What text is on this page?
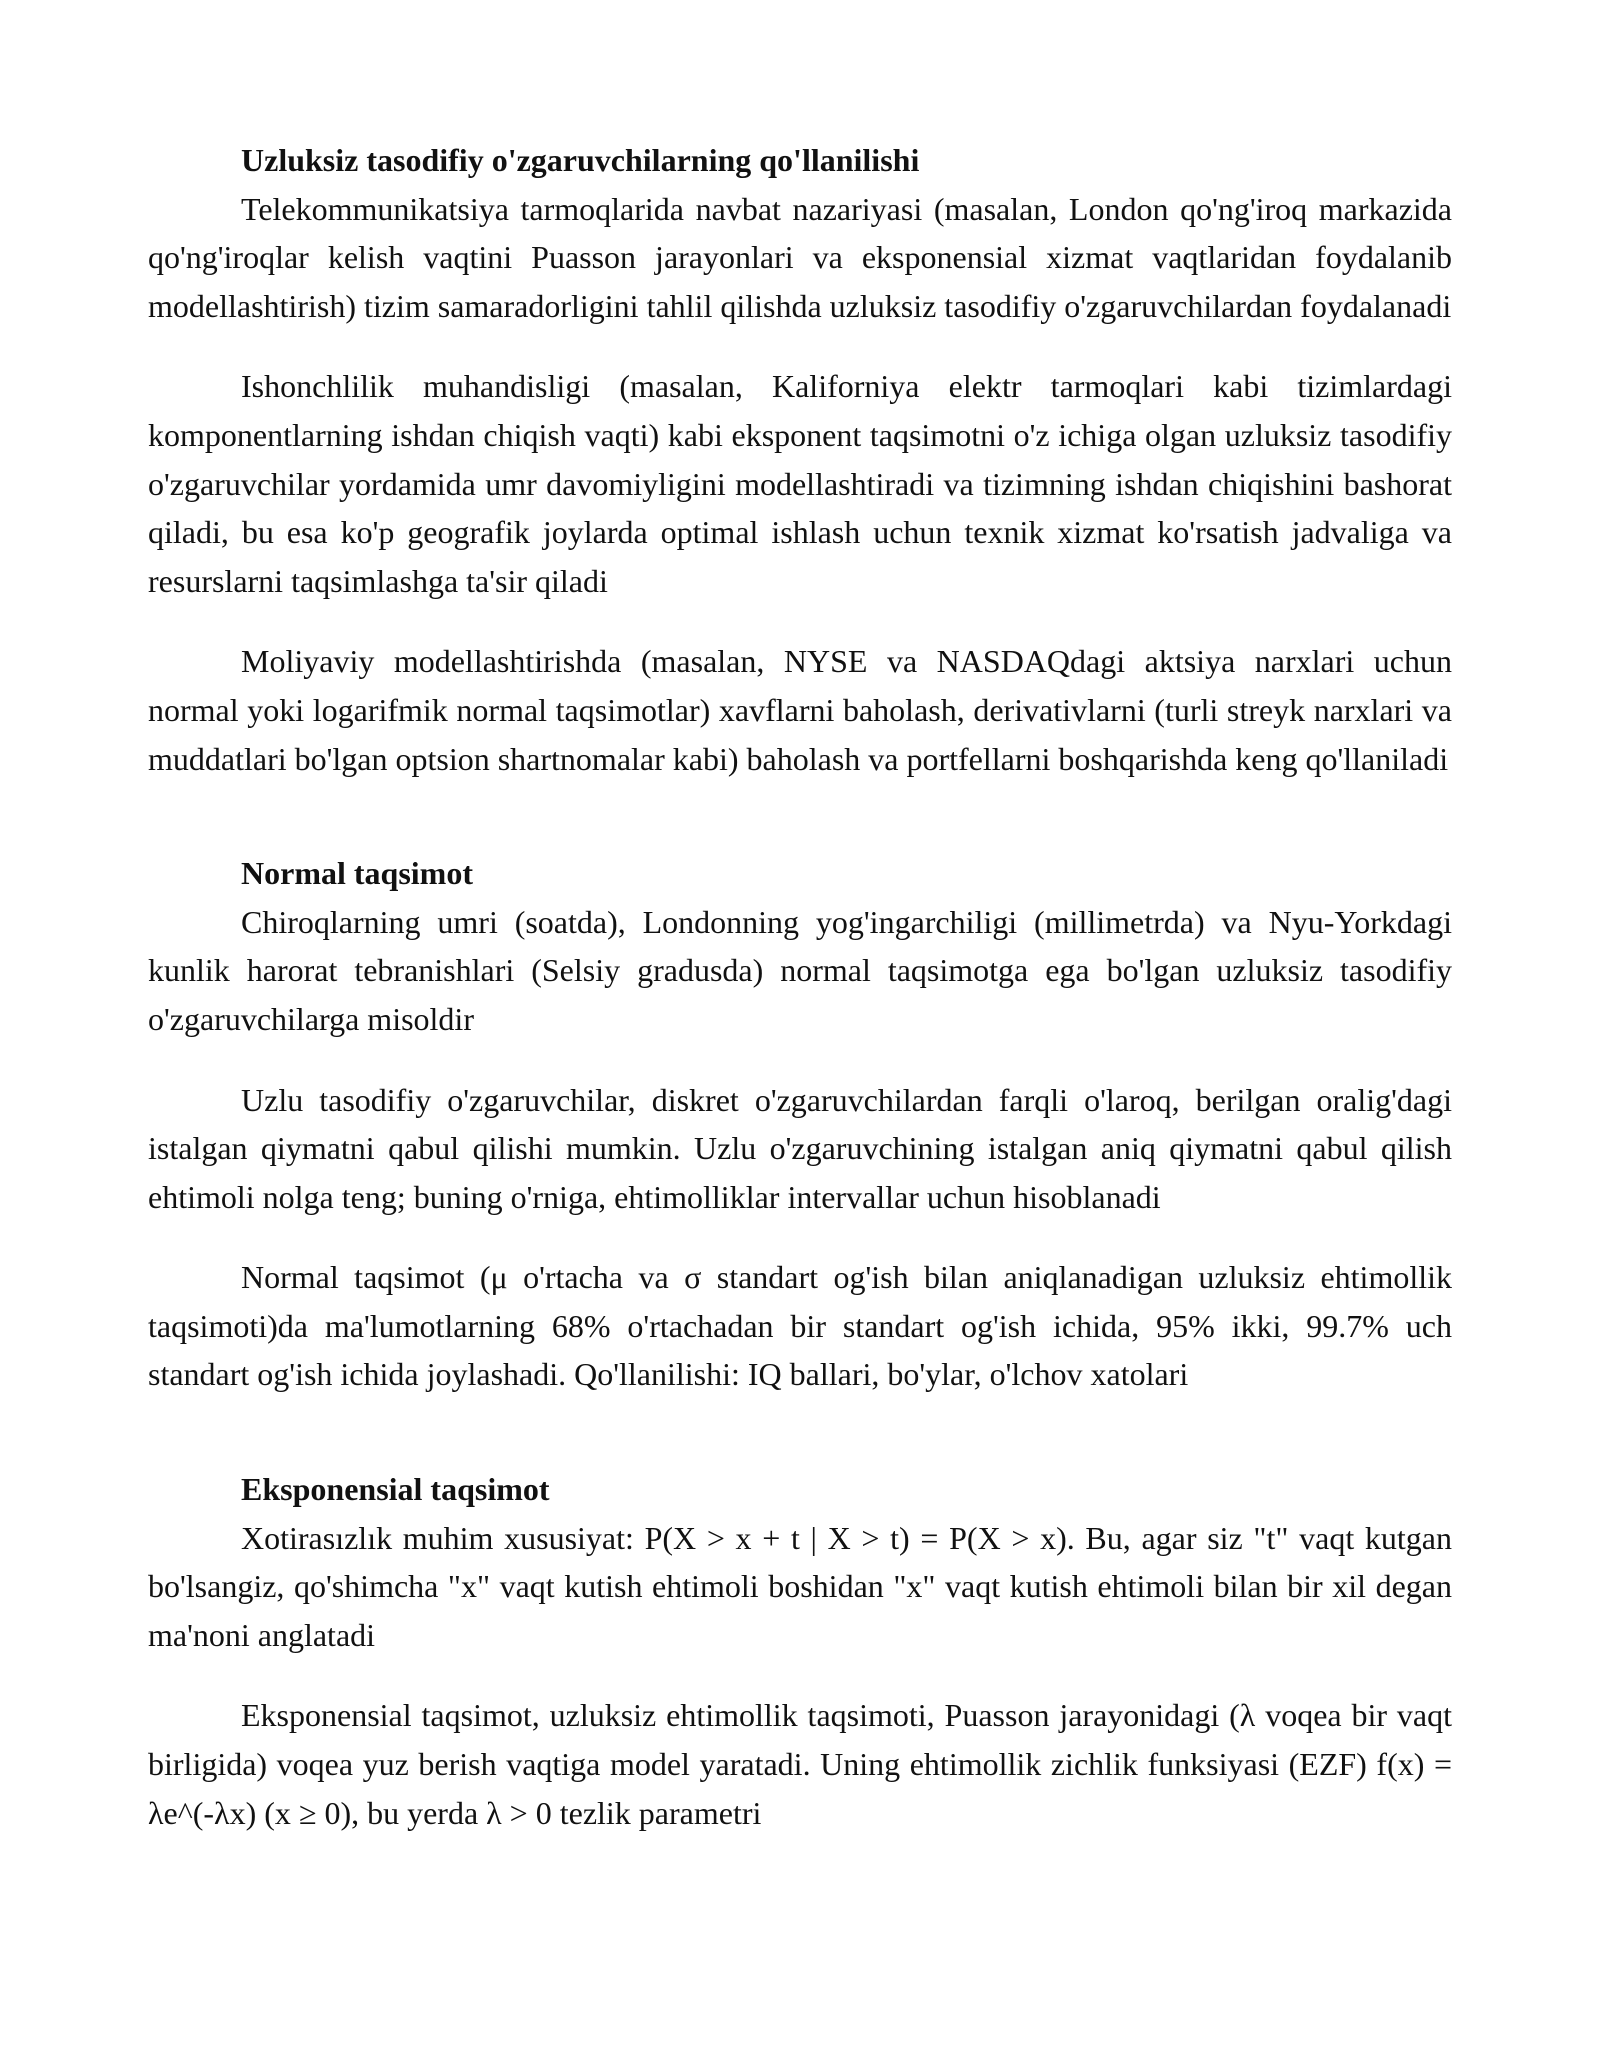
Uzluksiz tasodifiy o'zgaruvchilarning qo'llanilishi

Telekommunikatsiya tarmoqlarida navbat nazariyasi (masalan, London qo'ng'iroq markazida qo'ng'iroqlar kelish vaqtini Puasson jarayonlari va eksponensial xizmat vaqtlaridan foydalanib modellashtirish) tizim samaradorligini tahlil qilishda uzluksiz tasodifiy o'zgaruvchilardan foydalanadi

Ishonchlilik muhandisligi (masalan, Kaliforniya elektr tarmoqlari kabi tizimlardagi komponentlarning ishdan chiqish vaqti) kabi eksponent taqsimotni o'z ichiga olgan uzluksiz tasodifiy o'zgaruvchilar yordamida umr davomiyligini modellashtiradi va tizimning ishdan chiqishini bashorat qiladi, bu esa ko'p geografik joylarda optimal ishlash uchun texnik xizmat ko'rsatish jadvaliga va resurslarni taqsimlashga ta'sir qiladi

Moliyaviy modellashtirishda (masalan, NYSE va NASDAQdagi aktsiya narxlari uchun normal yoki logarifmik normal taqsimotlar) xavflarni baholash, derivativlarni (turli streyk narxlari va muddatlari bo'lgan optsion shartnomalar kabi) baholash va portfellarni boshqarishda keng qo'llaniladi

Normal taqsimot

Chiroqlarning umri (soatda), Londonning yog'ingarchiligi (millimetrda) va Nyu-Yorkdagi kunlik harorat tebranishlari (Selsiy gradusda) normal taqsimotga ega bo'lgan uzluksiz tasodifiy o'zgaruvchilarga misoldir

Uzlu tasodifiy o'zgaruvchilar, diskret o'zgaruvchilardan farqli o'laroq, berilgan oralig'dagi istalgan qiymatni qabul qilishi mumkin. Uzlu o'zgaruvchining istalgan aniq qiymatni qabul qilish ehtimoli nolga teng; buning o'rniga, ehtimolliklar intervallar uchun hisoblanadi

Normal taqsimot (μ o'rtacha va σ standart og'ish bilan aniqlanadigan uzluksiz ehtimollik taqsimoti)da ma'lumotlarning 68% o'rtachadan bir standart og'ish ichida, 95% ikki, 99.7% uch standart og'ish ichida joylashadi. Qo'llanilishi: IQ ballari, bo'ylar, o'lchov xatolari

Eksponensial taqsimot

Xotirasızlık muhim xususiyat: P(X > x + t | X > t) = P(X > x). Bu, agar siz "t" vaqt kutgan bo'lsangiz, qo'shimcha "x" vaqt kutish ehtimoli boshidan "x" vaqt kutish ehtimoli bilan bir xil degan ma'noni anglatadi

Eksponensial taqsimot, uzluksiz ehtimollik taqsimoti, Puasson jarayonidagi (λ voqea bir vaqt birligida) voqea yuz berish vaqtiga model yaratadi. Uning ehtimollik zichlik funksiyasi (EZF) f(x) = λe^(-λx) (x ≥ 0), bu yerda λ > 0 tezlik parametri
